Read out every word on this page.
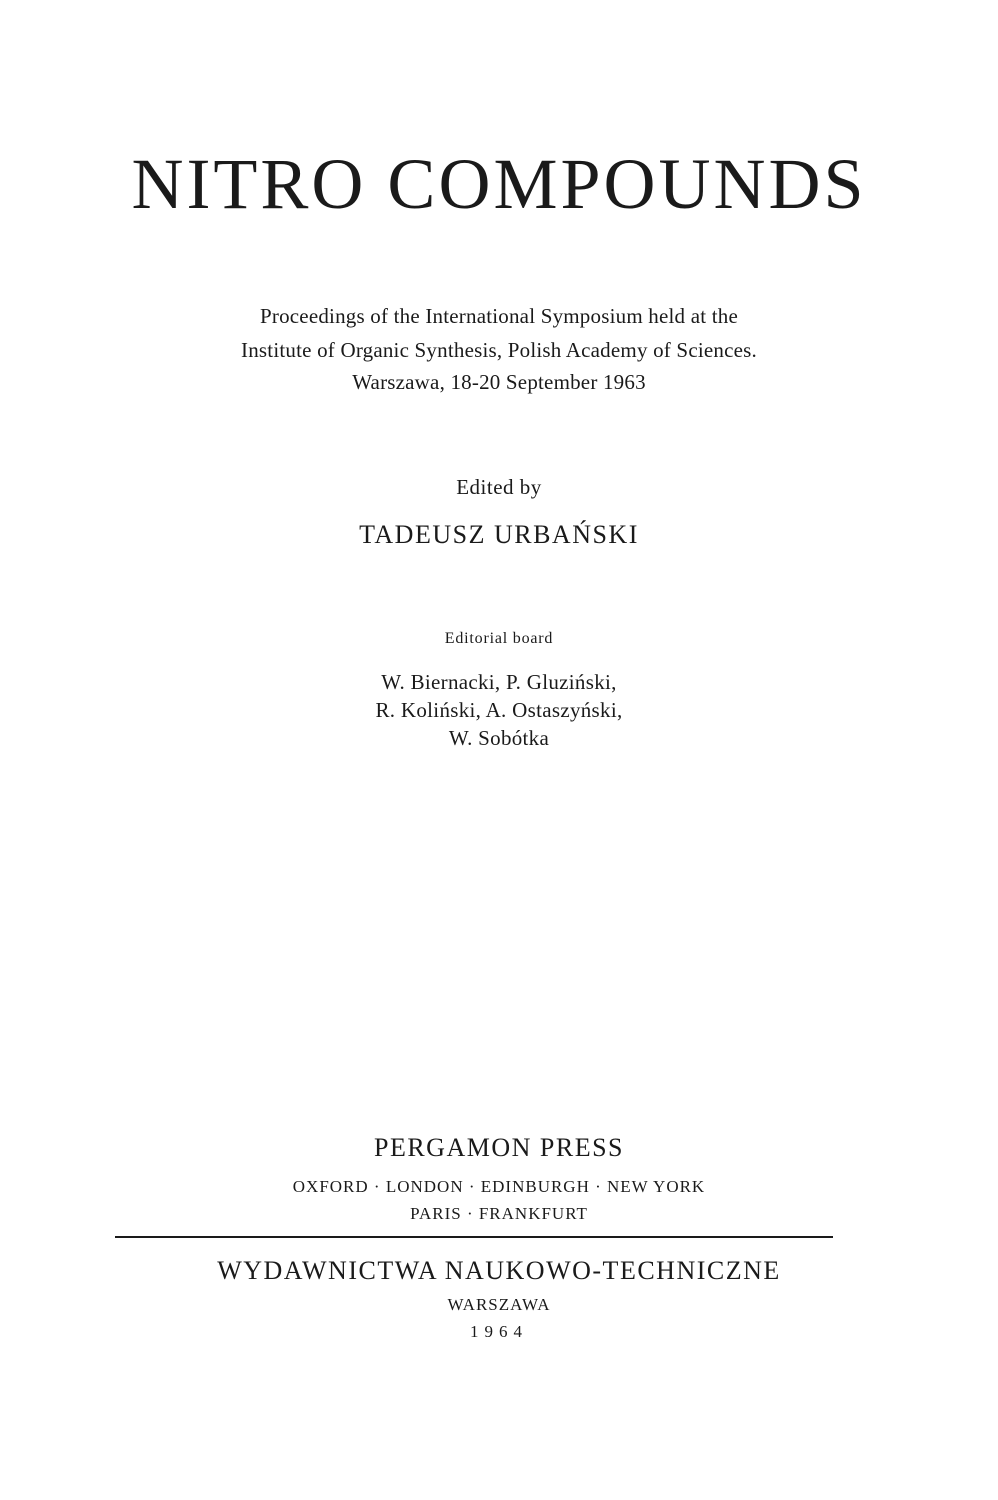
NITRO COMPOUNDS
Proceedings of the International Symposium held at the
Institute of Organic Synthesis, Polish Academy of Sciences.
Warszawa, 18-20 September 1963
Edited by
TADEUSZ URBAŃSKI
Editorial board
W. Biernacki, P. Gluziński,
R. Koliński, A. Ostaszyński,
W. Sobótka
PERGAMON PRESS
OXFORD · LONDON · EDINBURGH · NEW YORK
PARIS · FRANKFURT
WYDAWNICTWA NAUKOWO-TECHNICZNE
WARSZAWA
1964
